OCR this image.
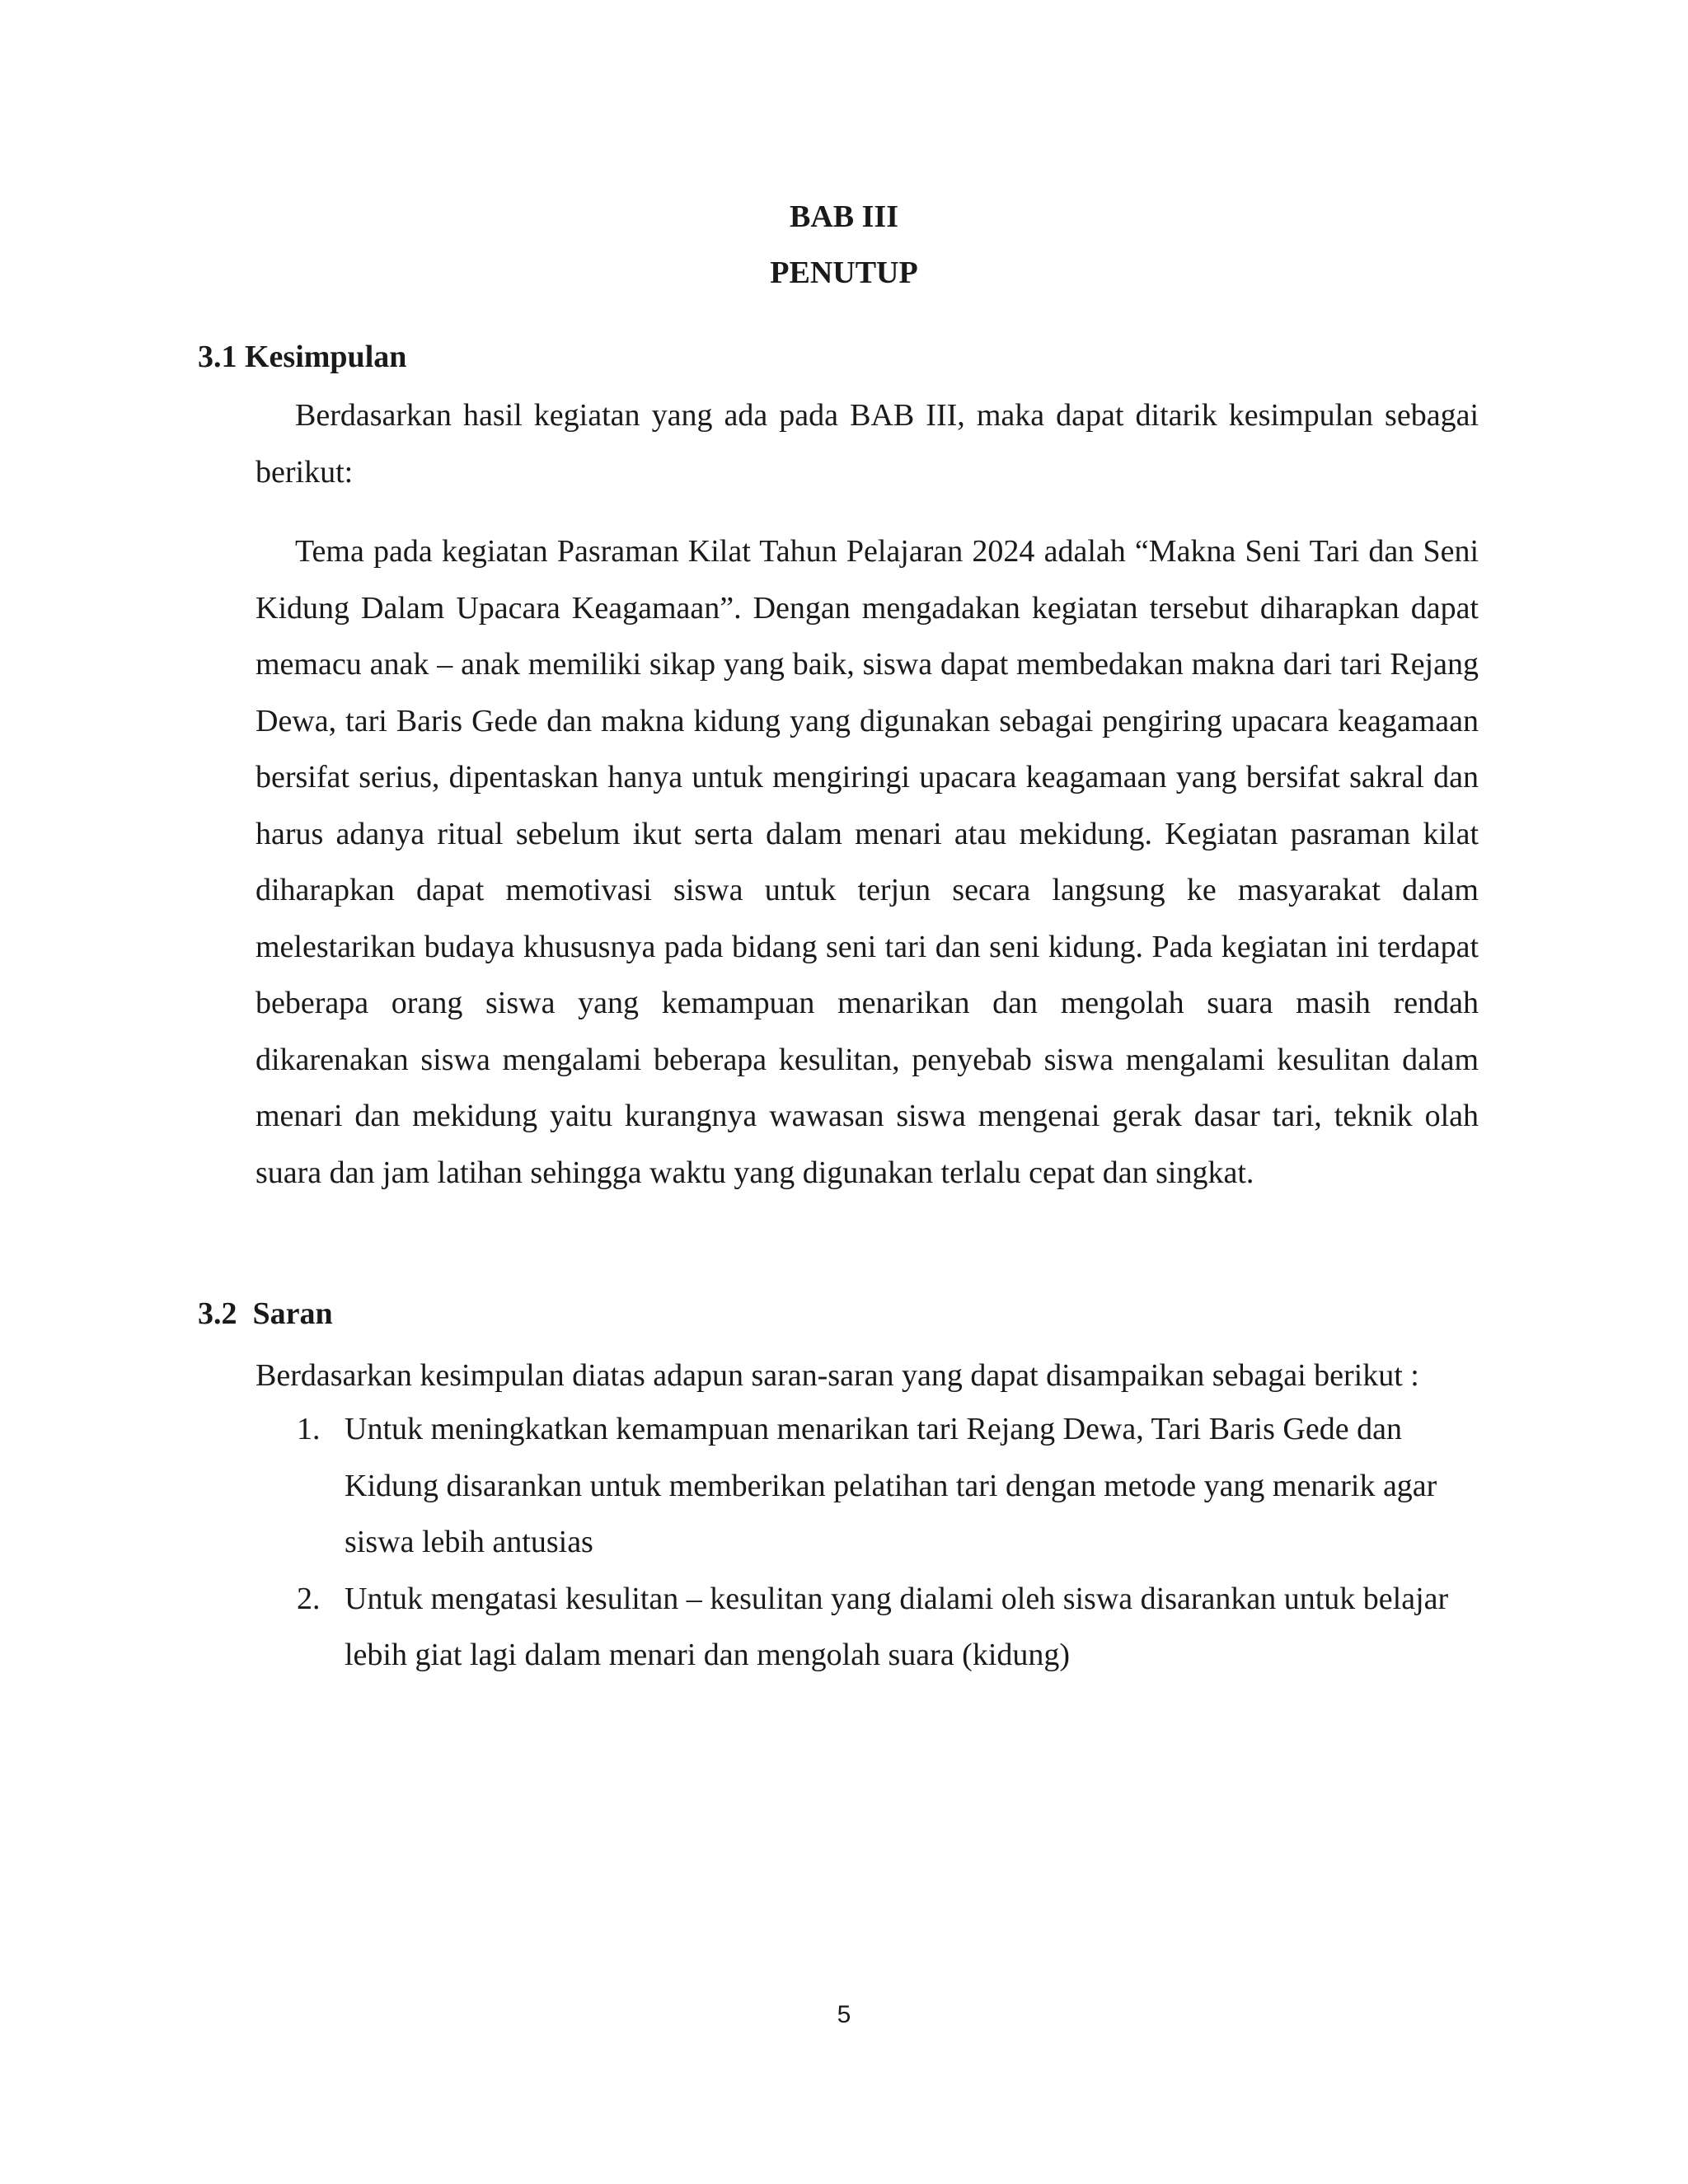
BAB III
PENUTUP
3.1 Kesimpulan

Berdasarkan hasil kegiatan yang ada pada BAB III, maka dapat ditarik kesimpulan sebagai berikut:

Tema pada kegiatan Pasraman Kilat Tahun Pelajaran 2024 adalah “Makna Seni Tari dan Seni Kidung Dalam Upacara Keagamaan”. Dengan mengadakan kegiatan tersebut diharapkan dapat memacu anak – anak memiliki sikap yang baik, siswa dapat membedakan makna dari tari Rejang Dewa, tari Baris Gede dan makna kidung yang digunakan sebagai pengiring upacara keagamaan bersifat serius, dipentaskan hanya untuk mengiringi upacara keagamaan yang bersifat sakral dan harus adanya ritual sebelum ikut serta dalam menari atau mekidung. Kegiatan pasraman kilat diharapkan dapat memotivasi siswa untuk terjun secara langsung ke masyarakat dalam melestarikan budaya khususnya pada bidang seni tari dan seni kidung. Pada kegiatan ini terdapat beberapa orang siswa yang kemampuan menarikan dan mengolah suara masih rendah dikarenakan siswa mengalami beberapa kesulitan, penyebab siswa mengalami kesulitan dalam menari dan mekidung yaitu kurangnya wawasan siswa mengenai gerak dasar tari, teknik olah suara dan jam latihan sehingga waktu yang digunakan terlalu cepat dan singkat.

3.2  Saran
Berdasarkan kesimpulan diatas adapun saran-saran yang dapat disampaikan sebagai berikut :
1. Untuk meningkatkan kemampuan menarikan tari Rejang Dewa, Tari Baris Gede dan Kidung disarankan untuk memberikan pelatihan tari dengan metode yang menarik agar siswa lebih antusias
2. Untuk mengatasi kesulitan – kesulitan yang dialami oleh siswa disarankan untuk belajar lebih giat lagi dalam menari dan mengolah suara (kidung)
5
